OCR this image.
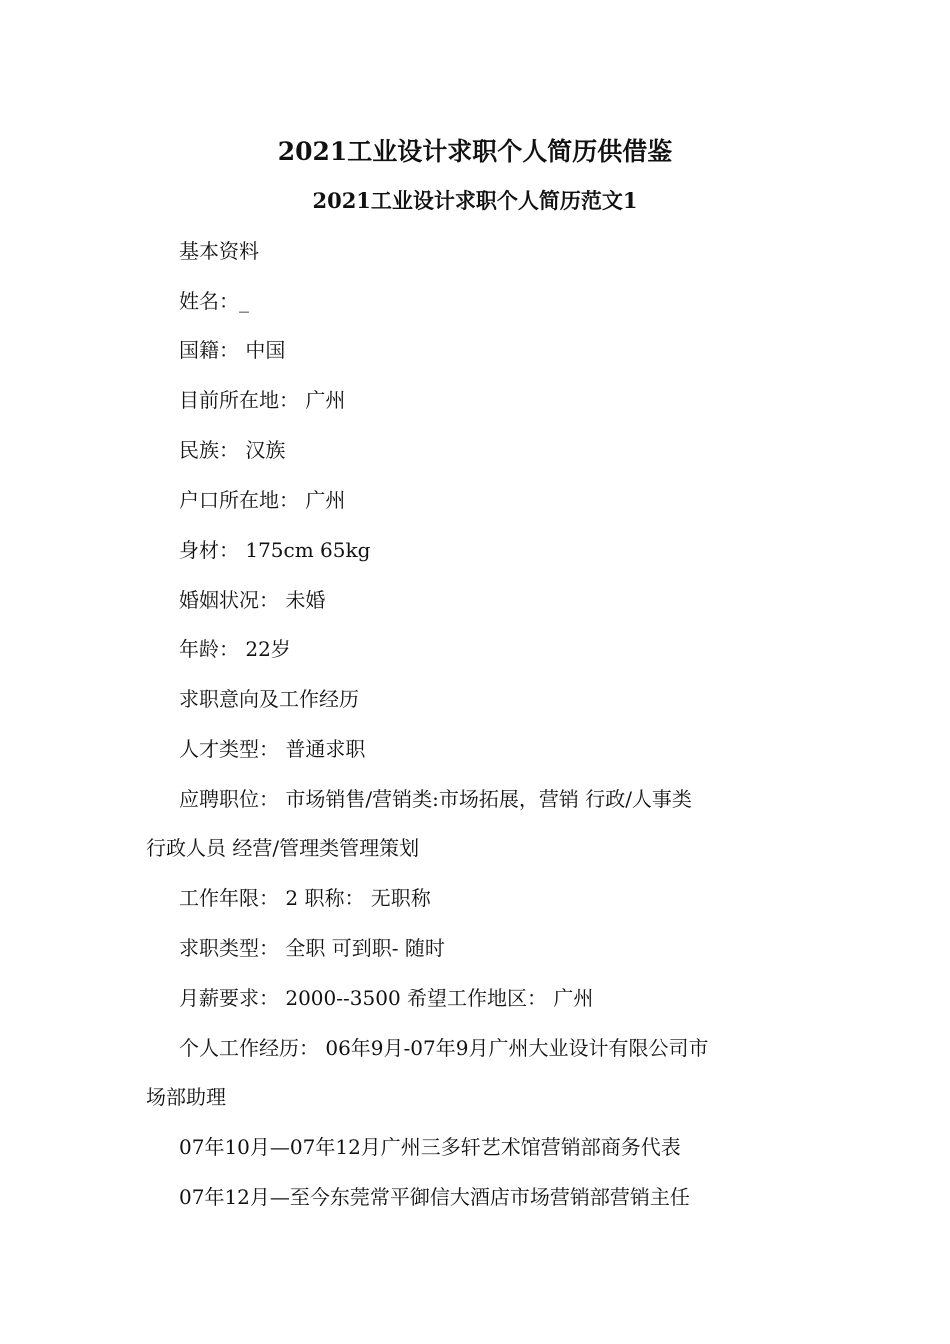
2021工业设计求职个人简历供借鉴
2021工业设计求职个人简历范文1
基本资料
姓名：_
国籍： 中国
目前所在地： 广州
民族： 汉族
户口所在地： 广州
身材： 175cm 65kg
婚姻状况： 未婚
年龄： 22岁
求职意向及工作经历
人才类型： 普通求职
应聘职位： 市场销售/营销类:市场拓展，营销 行政/人事类
行政人员 经营/管理类管理策划
工作年限： 2 职称： 无职称
求职类型： 全职 可到职- 随时
月薪要求： 2000--3500 希望工作地区： 广州
个人工作经历： 06年9月-07年9月广州大业设计有限公司市
场部助理
07年10月—07年12月广州三多轩艺术馆营销部商务代表
07年12月—至今东莞常平御信大酒店市场营销部营销主任
